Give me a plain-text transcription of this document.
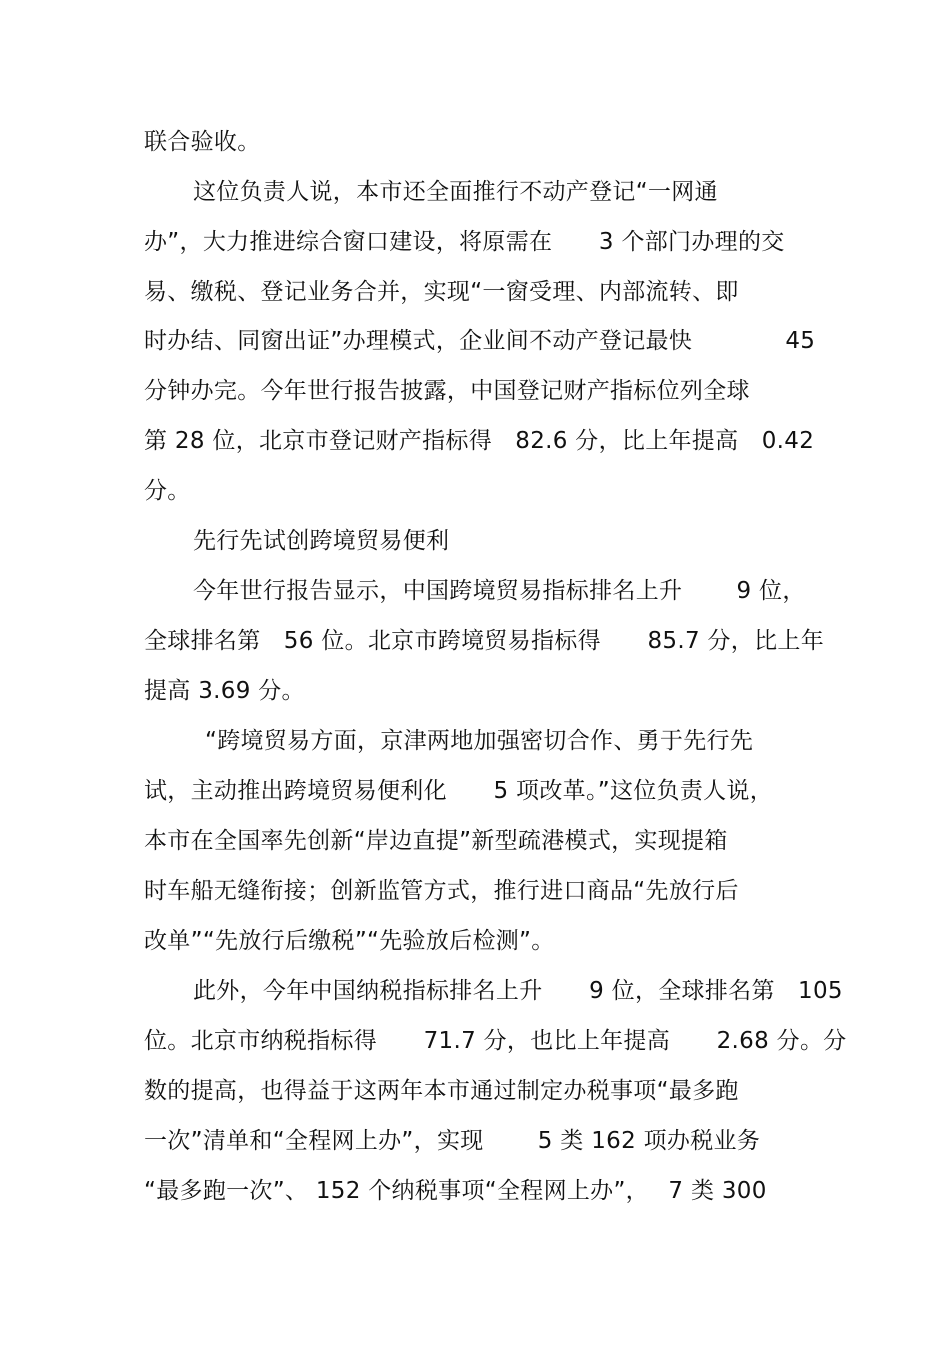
联合验收。
这位负责人说，本市还全面推行不动产登记“一网通
办”，大力推进综合窗口建设，将原需在　　3 个部门办理的交
易、缴税、登记业务合并，实现“一窗受理、内部流转、即
时办结、同窗出证”办理模式，企业间不动产登记最快　　　　45
分钟办完。今年世行报告披露，中国登记财产指标位列全球
第 28 位，北京市登记财产指标得　82.6 分，比上年提高　0.42
分。
先行先试创跨境贸易便利
今年世行报告显示，中国跨境贸易指标排名上升　　 9 位，
全球排名第　56 位。北京市跨境贸易指标得　　85.7 分，比上年
提高 3.69 分。
“跨境贸易方面，京津两地加强密切合作、勇于先行先
试，主动推出跨境贸易便利化　　5 项改革。”这位负责人说，
本市在全国率先创新“岸边直提”新型疏港模式，实现提箱
时车船无缝衔接；创新监管方式，推行进口商品“先放行后
改单”“先放行后缴税”“先验放后检测”。
此外，今年中国纳税指标排名上升　　9 位，全球排名第　105
位。北京市纳税指标得　　71.7 分，也比上年提高　　2.68 分。分
数的提高，也得益于这两年本市通过制定办税事项“最多跑
一次”清单和“全程网上办”，实现　　 5 类 162 项办税业务
“最多跑一次”、 152 个纳税事项“全程网上办”，　 7 类 300
